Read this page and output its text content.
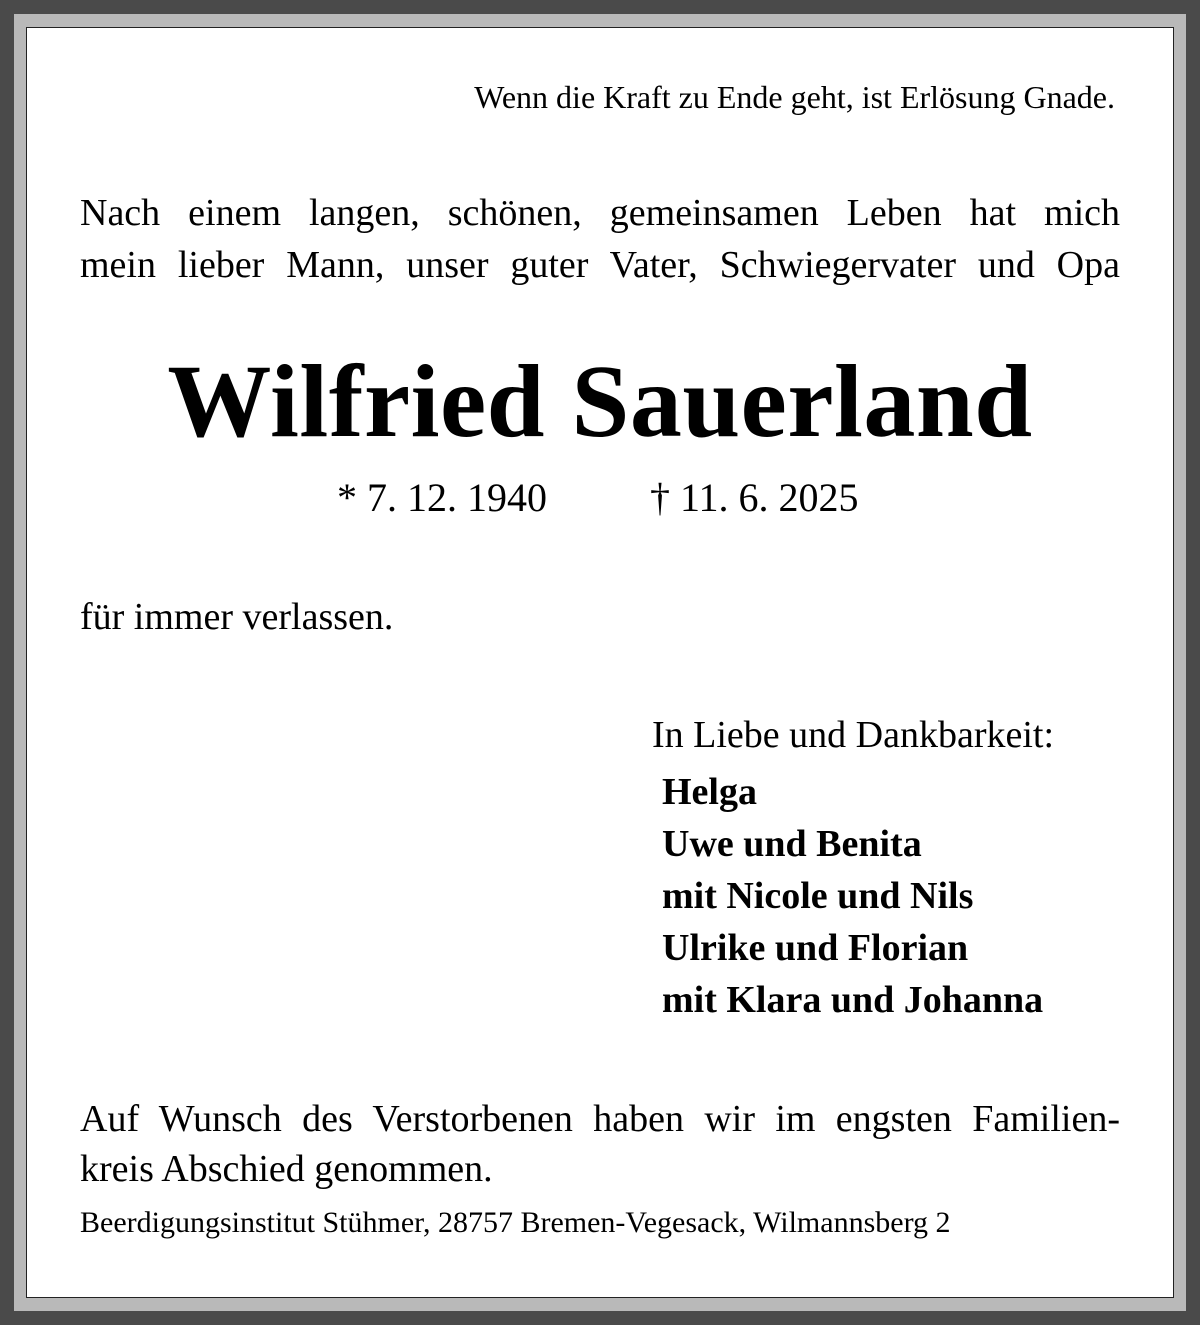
Wenn die Kraft zu Ende geht, ist Erlösung Gnade.
Nach einem langen, schönen, gemeinsamen Leben hat mich
mein lieber Mann, unser guter Vater, Schwiegervater und Opa
Wilfried Sauerland
* 7. 12. 1940	† 11. 6. 2025
für immer verlassen.
In Liebe und Dankbarkeit:
Helga
Uwe und Benita
mit Nicole und Nils
Ulrike und Florian
mit Klara und Johanna
Auf Wunsch des Verstorbenen haben wir im engsten Familien-
kreis Abschied genommen.
Beerdigungsinstitut Stühmer, 28757 Bremen-Vegesack, Wilmannsberg 2
